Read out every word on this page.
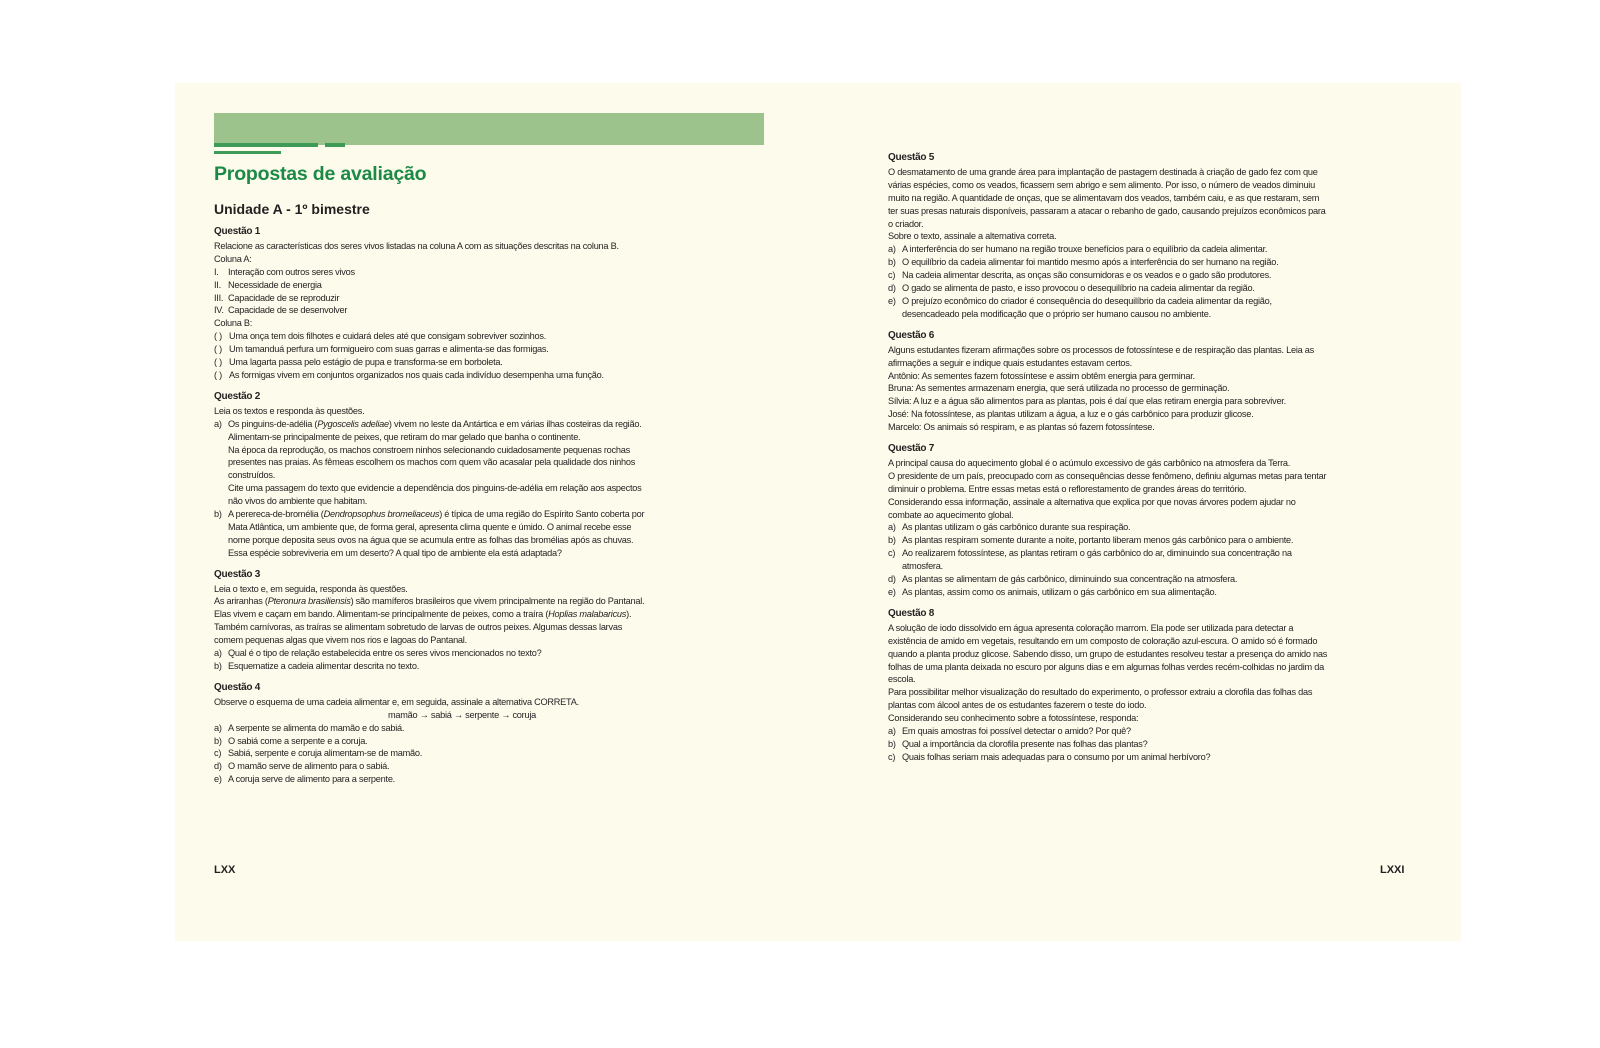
Propostas de avaliação
Unidade A - 1º bimestre
Questão 1

Relacione as características dos seres vivos listadas na coluna A com as situações descritas na coluna B.

Coluna A:

I.	Interação com outros seres vivos
II. Necessidade de energia
III. Capacidade de se reproduzir
IV. Capacidade de se desenvolver

Coluna B:

( ) Uma onça tem dois filhotes e cuidará deles até que consigam sobreviver sozinhos.
( ) Um tamanduá perfura um formigueiro com suas garras e alimenta-se das formigas.
( ) Uma lagarta passa pelo estágio de pupa e transforma-se em borboleta.
( ) As formigas vivem em conjuntos organizados nos quais cada indivíduo desempenha uma função.
Questão 2

Leia os textos e responda às questões.

a) Os pinguins-de-adélia (Pygoscelis adeliae) vivem no leste da Antártica e em várias ilhas costeiras da região. Alimentam-se principalmente de peixes, que retiram do mar gelado que banha o continente.

Na época da reprodução, os machos constroem ninhos selecionando cuidadosamente pequenas rochas presentes nas praias. As fêmeas escolhem os machos com quem vão acasalar pela qualidade dos ninhos construídos.

Cite uma passagem do texto que evidencie a dependência dos pinguins-de-adélia em relação aos aspectos não vivos do ambiente que habitam.

b) A perereca-de-bromélia (Dendropsophus bromeliaceus) é típica de uma região do Espírito Santo coberta por Mata Atlântica, um ambiente que, de forma geral, apresenta clima quente e úmido. O animal recebe esse nome porque deposita seus ovos na água que se acumula entre as folhas das bromélias após as chuvas.

Essa espécie sobreviveria em um deserto? A qual tipo de ambiente ela está adaptada?

Questão 3

Leia o texto e, em seguida, responda às questões.

As ariranhas (Pteronura brasiliensis) são mamíferos brasileiros que vivem principalmente na região do Pantanal. Elas vivem e caçam em bando. Alimentam-se principalmente de peixes, como a traíra (Hoplias malabaricus). Também carnívoras, as traíras se alimentam sobretudo de larvas de outros peixes. Algumas dessas larvas comem pequenas algas que vivem nos rios e lagoas do Pantanal.

a) Qual é o tipo de relação estabelecida entre os seres vivos mencionados no texto?
b) Esquematize a cadeia alimentar descrita no texto.
Questão 4

Observe o esquema de uma cadeia alimentar e, em seguida, assinale a alternativa CORRETA.

mamão → sabiá → serpente → coruja

a) A serpente se alimenta do mamão e do sabiá.
b) O sabiá come a serpente e a coruja.
c) Sabiá, serpente e coruja alimentam-se de mamão.
d) O mamão serve de alimento para o sabiá.
e) A coruja serve de alimento para a serpente.
Questão 5

O desmatamento de uma grande área para implantação de pastagem destinada à criação de gado fez com que várias espécies, como os veados, ficassem sem abrigo e sem alimento. Por isso, o número de veados diminuiu muito na região. A quantidade de onças, que se alimentavam dos veados, também caiu, e as que restaram, sem ter suas presas naturais disponíveis, passaram a atacar o rebanho de gado, causando prejuízos econômicos para o criador.

Sobre o texto, assinale a alternativa correta.

a) A interferência do ser humano na região trouxe benefícios para o equilíbrio da cadeia alimentar.
b) O equilíbrio da cadeia alimentar foi mantido mesmo após a interferência do ser humano na região.
c) Na cadeia alimentar descrita, as onças são consumidoras e os veados e o gado são produtores.
d) O gado se alimenta de pasto, e isso provocou o desequilíbrio na cadeia alimentar da região.
e) O prejuízo econômico do criador é consequência do desequilíbrio da cadeia alimentar da região, desencadeado pela modificação que o próprio ser humano causou no ambiente.
Questão 6

Alguns estudantes fizeram afirmações sobre os processos de fotossíntese e de respiração das plantas. Leia as afirmações a seguir e indique quais estudantes estavam certos.

Antônio: As sementes fazem fotossíntese e assim obtêm energia para germinar.

Bruna: As sementes armazenam energia, que será utilizada no processo de germinação.

Sílvia: A luz e a água são alimentos para as plantas, pois é daí que elas retiram energia para sobreviver.

José: Na fotossíntese, as plantas utilizam a água, a luz e o gás carbônico para produzir glicose.

Marcelo: Os animais só respiram, e as plantas só fazem fotossíntese.

Questão 7

A principal causa do aquecimento global é o acúmulo excessivo de gás carbônico na atmosfera da Terra.

O presidente de um país, preocupado com as consequências desse fenômeno, definiu algumas metas para tentar diminuir o problema. Entre essas metas está o reflorestamento de grandes áreas do território.

Considerando essa informação, assinale a alternativa que explica por que novas árvores podem ajudar no combate ao aquecimento global.

a) As plantas utilizam o gás carbônico durante sua respiração.
b) As plantas respiram somente durante a noite, portanto liberam menos gás carbônico para o ambiente.
c) Ao realizarem fotossíntese, as plantas retiram o gás carbônico do ar, diminuindo sua concentração na atmosfera.
d) As plantas se alimentam de gás carbônico, diminuindo sua concentração na atmosfera.
e) As plantas, assim como os animais, utilizam o gás carbônico em sua alimentação.
Questão 8

A solução de iodo dissolvido em água apresenta coloração marrom. Ela pode ser utilizada para detectar a existência de amido em vegetais, resultando em um composto de coloração azul-escura. O amido só é formado quando a planta produz glicose. Sabendo disso, um grupo de estudantes resolveu testar a presença do amido nas folhas de uma planta deixada no escuro por alguns dias e em algumas folhas verdes recém-colhidas no jardim da escola.

Para possibilitar melhor visualização do resultado do experimento, o professor extraiu a clorofila das folhas das plantas com álcool antes de os estudantes fazerem o teste do iodo.

Considerando seu conhecimento sobre a fotossíntese, responda:

a) Em quais amostras foi possível detectar o amido? Por quê?
b) Qual a importância da clorofila presente nas folhas das plantas?
c) Quais folhas seriam mais adequadas para o consumo por um animal herbívoro?
LXX	LXXI
